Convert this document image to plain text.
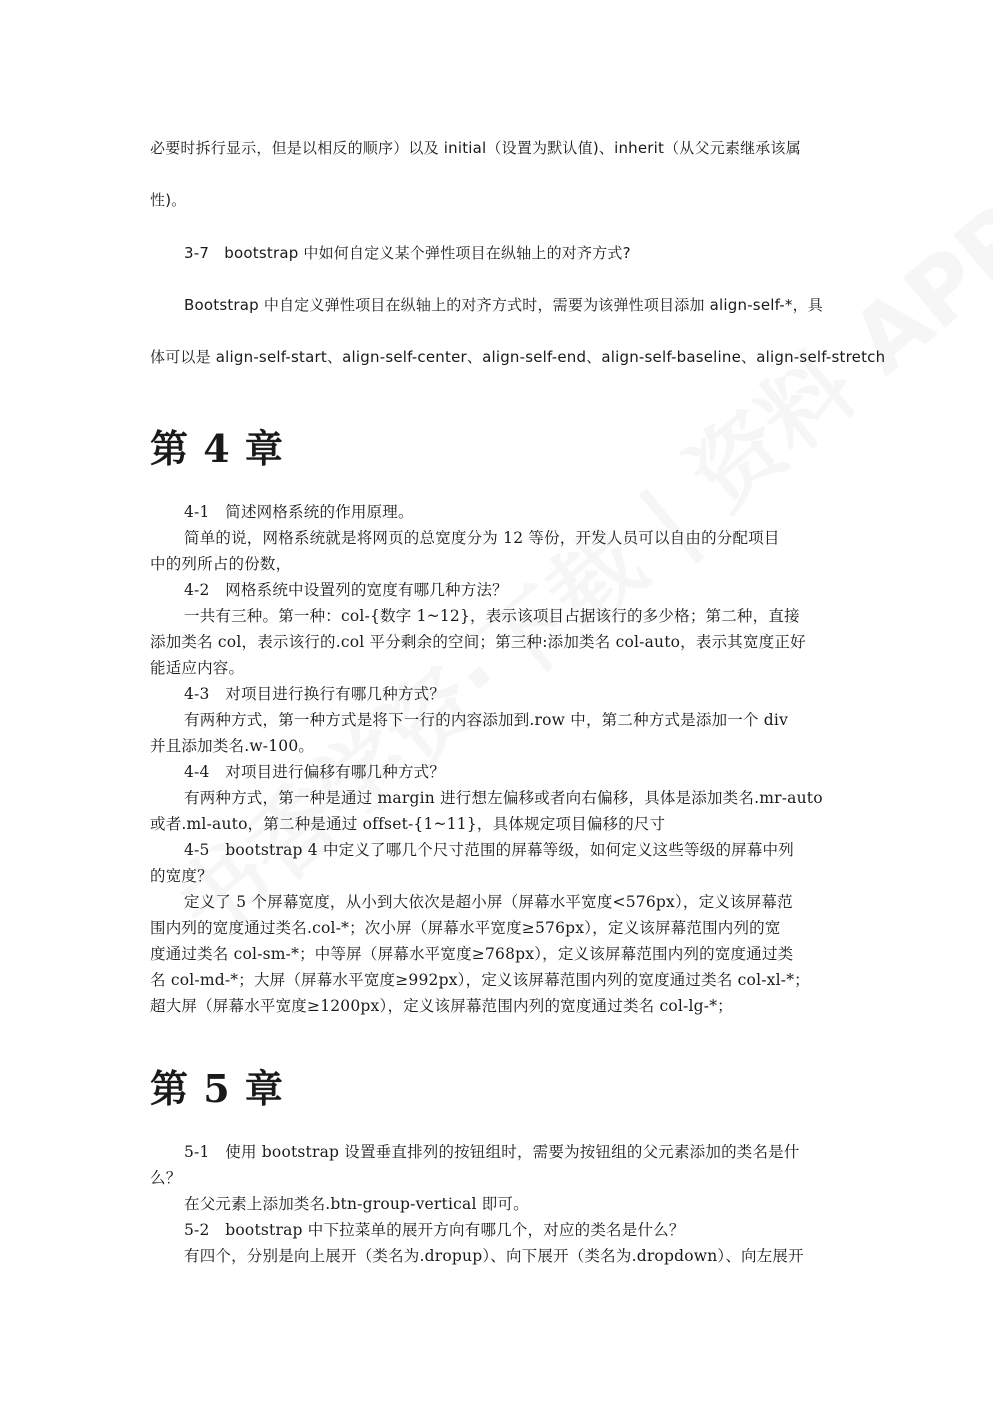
必要时拆行显示，但是以相反的顺序）以及 initial（设置为默认值)、inherit（从父元素继承该属
性)。
3-7　bootstrap 中如何自定义某个弹性项目在纵轴上的对齐方式?
Bootstrap 中自定义弹性项目在纵轴上的对齐方式时，需要为该弹性项目添加 align-self-*，具
体可以是 align-self-start、align-self-center、align-self-end、align-self-baseline、align-self-stretch
第 4 章
4-1　简述网格系统的作用原理。
简单的说，网格系统就是将网页的总宽度分为 12 等份，开发人员可以自由的分配项目
中的列所占的份数，
4-2　网格系统中设置列的宽度有哪几种方法？
一共有三种。第一种：col-{数字 1~12}，表示该项目占据该行的多少格；第二种，直接
添加类名 col，表示该行的.col 平分剩余的空间；第三种:添加类名 col-auto，表示其宽度正好
能适应内容。
4-3　对项目进行换行有哪几种方式？
有两种方式，第一种方式是将下一行的内容添加到.row 中，第二种方式是添加一个 div
并且添加类名.w-100。
4-4　对项目进行偏移有哪几种方式？
有两种方式，第一种是通过 margin 进行想左偏移或者向右偏移，具体是添加类名.mr-auto
或者.ml-auto，第二种是通过 offset-{1~11}，具体规定项目偏移的尺寸
4-5　bootstrap 4 中定义了哪几个尺寸范围的屏幕等级，如何定义这些等级的屏幕中列
的宽度？
定义了 5 个屏幕宽度，从小到大依次是超小屏（屏幕水平宽度<576px），定义该屏幕范
围内列的宽度通过类名.col-*；次小屏（屏幕水平宽度≥576px），定义该屏幕范围内列的宽
度通过类名 col-sm-*；中等屏（屏幕水平宽度≥768px），定义该屏幕范围内列的宽度通过类
名 col-md-*；大屏（屏幕水平宽度≥992px），定义该屏幕范围内列的宽度通过类名 col-xl-*；
超大屏（屏幕水平宽度≥1200px），定义该屏幕范围内列的宽度通过类名 col-lg-*；
第 5 章
5-1　使用 bootstrap 设置垂直排列的按钮组时，需要为按钮组的父元素添加的类名是什
么？
在父元素上添加类名.btn-group-vertical 即可。
5-2　bootstrap 中下拉菜单的展开方向有哪几个，对应的类名是什么？
有四个，分别是向上展开（类名为.dropup）、向下展开（类名为.dropdown）、向左展开
